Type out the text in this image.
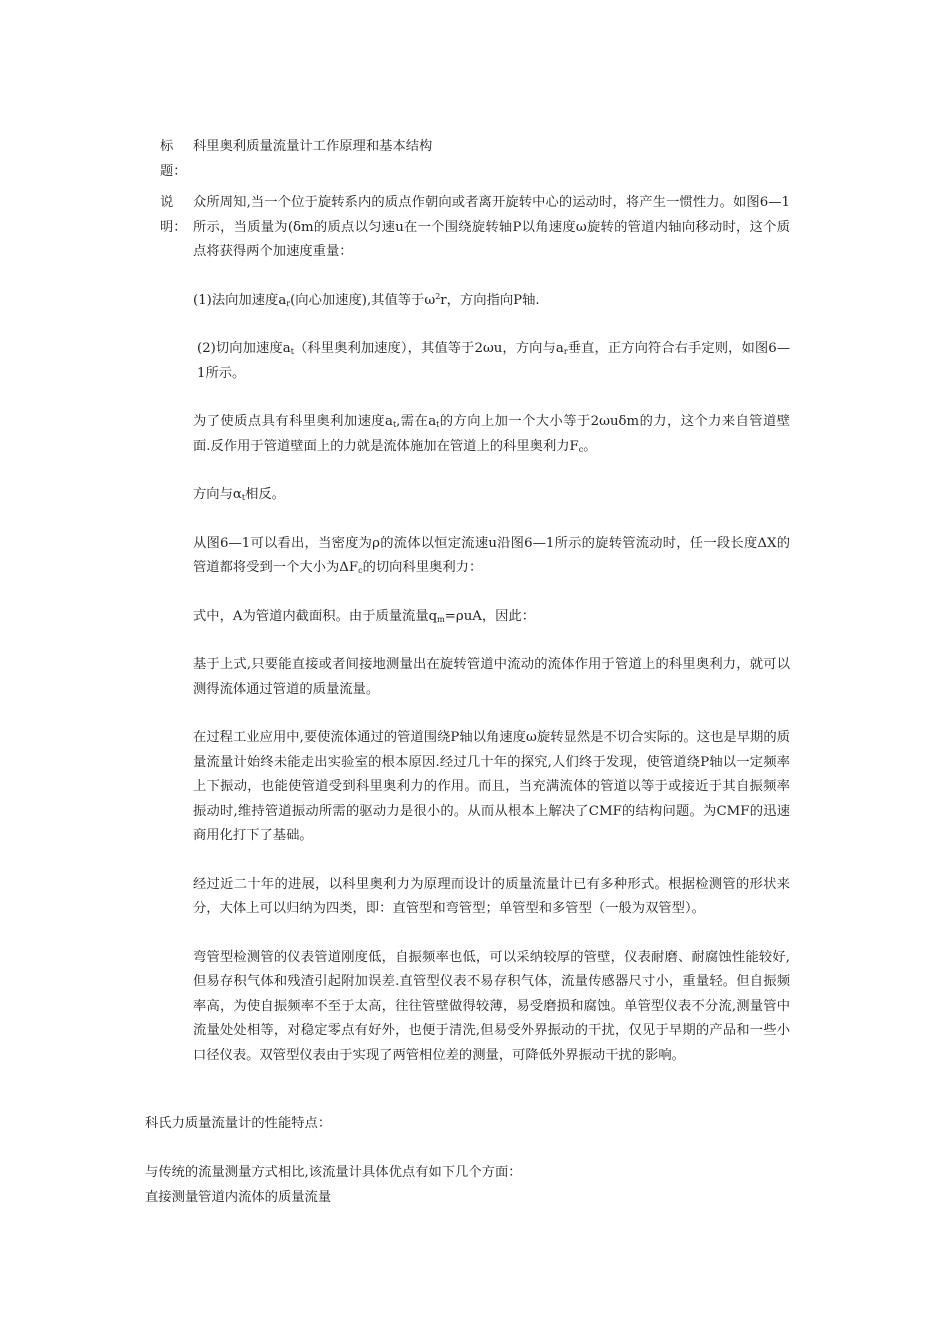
标题：
科里奥利质量流量计工作原理和基本结构
说明：

众所周知,当一个位于旋转系内的质点作朝向或者离开旋转中心的运动时，将产生一惯性力。如图6—1所示，当质量为(δm的质点以匀速u在一个围绕旋转轴P以角速度ω旋转的管道内轴向移动时，这个质点将获得两个加速度重量：

(1)法向加速度$a_r$(向心加速度),其值等于$\omega^2r$，方向指向P轴.

(2)切向加速度$a_t$（科里奥利加速度），其值等于2ωu，方向与$a_r$垂直，正方向符合右手定则，如图6—1所示。

为了使质点具有科里奥利加速度$a_t$,需在$a_t$的方向上加一个大小等于2ωuδm的力，这个力来自管道壁面.反作用于管道壁面上的力就是流体施加在管道上的科里奥利力$F_c$。

方向与$\alpha_t$相反。

从图6—1可以看出，当密度为ρ的流体以恒定流速u沿图6—1所示的旋转管流动时，任一段长度ΔX的管道都将受到一个大小为$\Delta F_c$的切向科里奥利力：

式中，A为管道内截面积。由于质量流量$q_m=\rho uA$，因此：

基于上式,只要能直接或者间接地测量出在旋转管道中流动的流体作用于管道上的科里奥利力，就可以测得流体通过管道的质量流量。

在过程工业应用中,要使流体通过的管道围绕P轴以角速度ω旋转显然是不切合实际的。这也是早期的质量流量计始终未能走出实验室的根本原因.经过几十年的探究,人们终于发现，使管道绕P轴以一定频率上下振动，也能使管道受到科里奥利力的作用。而且，当充满流体的管道以等于或接近于其自振频率振动时,维持管道振动所需的驱动力是很小的。从而从根本上解决了CMF的结构问题。为CMF的迅速商用化打下了基础。

经过近二十年的进展，以科里奥利力为原理而设计的质量流量计已有多种形式。根据检测管的形状来分，大体上可以归纳为四类，即：直管型和弯管型；单管型和多管型（一般为双管型）。

弯管型检测管的仪表管道刚度低，自振频率也低，可以采纳较厚的管壁，仪表耐磨、耐腐蚀性能较好,但易存积气体和残渣引起附加误差.直管型仪表不易存积气体，流量传感器尺寸小，重量轻。但自振频率高，为使自振频率不至于太高，往往管壁做得较薄，易受磨损和腐蚀。单管型仪表不分流,测量管中流量处处相等，对稳定零点有好外，也便于清洗,但易受外界振动的干扰，仅见于早期的产品和一些小口径仪表。双管型仪表由于实现了两管相位差的测量，可降低外界振动干扰的影响。

科氏力质量流量计的性能特点：
与传统的流量测量方式相比,该流量计具体优点有如下几个方面：
直接测量管道内流体的质量流量
